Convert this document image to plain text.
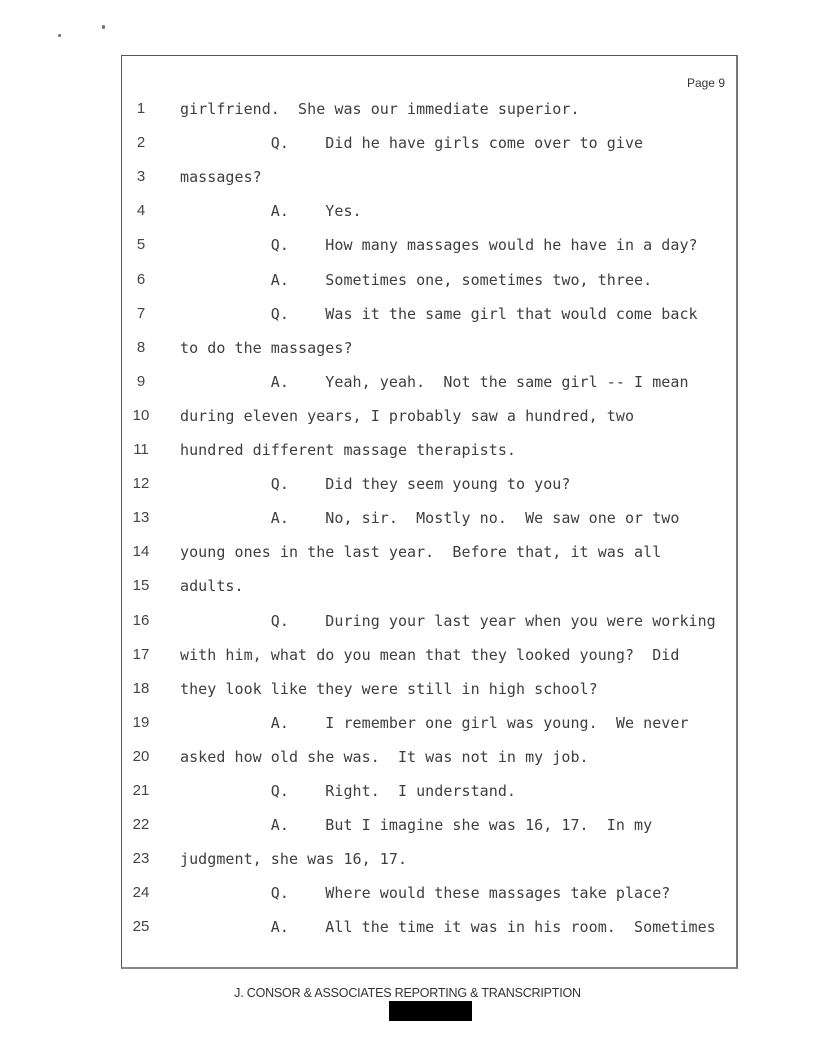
Page 9
1	girlfriend.  She was our immediate superior.
2	Q.    Did he have girls come over to give
3	massages?
4	A.    Yes.
5	Q.    How many massages would he have in a day?
6	A.    Sometimes one, sometimes two, three.
7	Q.    Was it the same girl that would come back
8	to do the massages?
9	A.    Yeah, yeah.  Not the same girl -- I mean
10	during eleven years, I probably saw a hundred, two
11	hundred different massage therapists.
12	Q.    Did they seem young to you?
13	A.    No, sir.  Mostly no.  We saw one or two
14	young ones in the last year.  Before that, it was all
15	adults.
16	Q.    During your last year when you were working
17	with him, what do you mean that they looked young?  Did
18	they look like they were still in high school?
19	A.    I remember one girl was young.  We never
20	asked how old she was.  It was not in my job.
21	Q.    Right.  I understand.
22	A.    But I imagine she was 16, 17.  In my
23	judgment, she was 16, 17.
24	Q.    Where would these massages take place?
25	A.    All the time it was in his room.  Sometimes
J. CONSOR & ASSOCIATES REPORTING & TRANSCRIPTION
